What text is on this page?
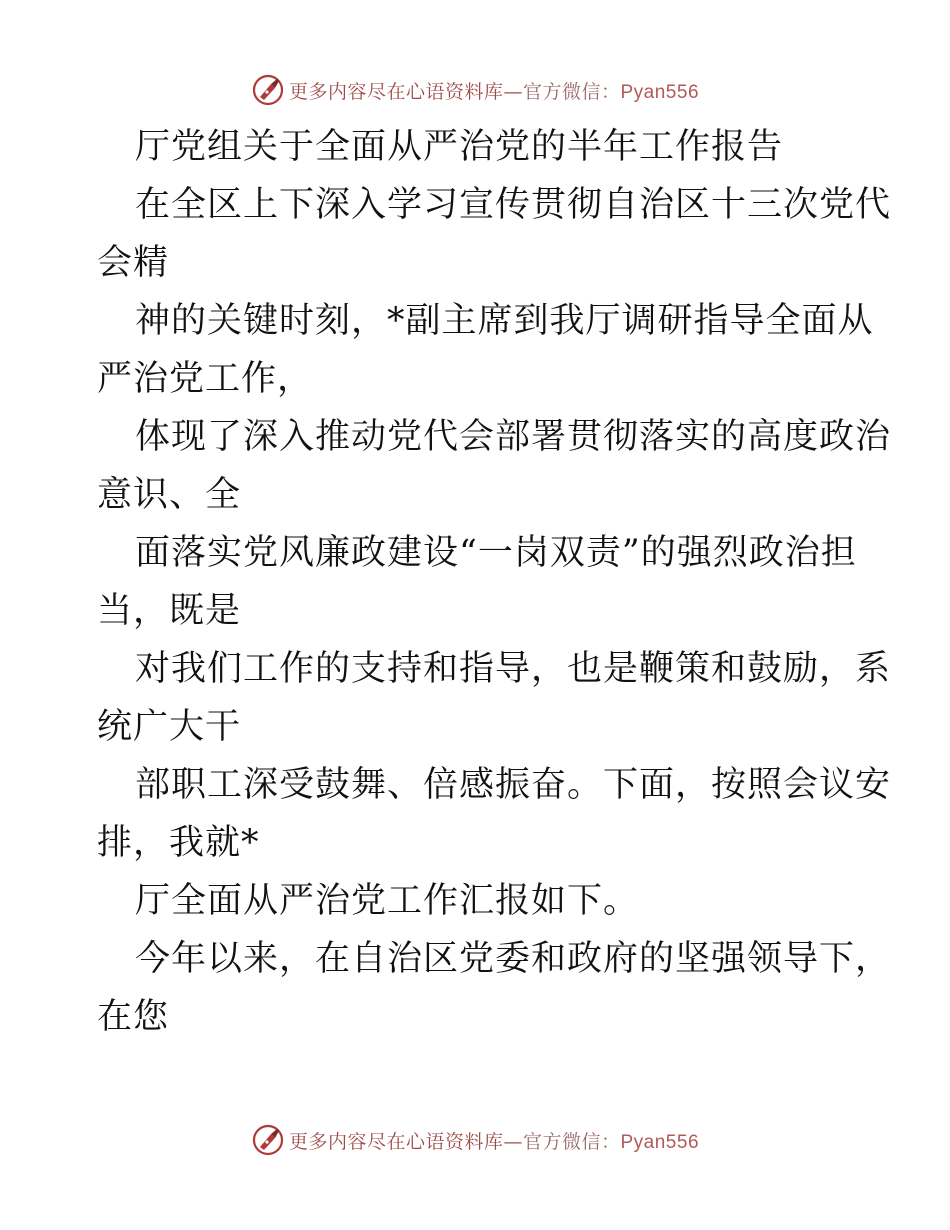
更多内容尽在心语资料库—官方微信：Pyan556
厅党组关于全面从严治党的半年工作报告
在全区上下深入学习宣传贯彻自治区十三次党代
会精
神的关键时刻，*副主席到我厅调研指导全面从
严治党工作，
体现了深入推动党代会部署贯彻落实的高度政治
意识、全
面落实党风廉政建设“一岗双责”的强烈政治担
当，既是
对我们工作的支持和指导，也是鞭策和鼓励，系
统广大干
部职工深受鼓舞、倍感振奋。下面，按照会议安
排，我就*
厅全面从严治党工作汇报如下。
今年以来，在自治区党委和政府的坚强领导下，
在您
更多内容尽在心语资料库—官方微信：Pyan556
